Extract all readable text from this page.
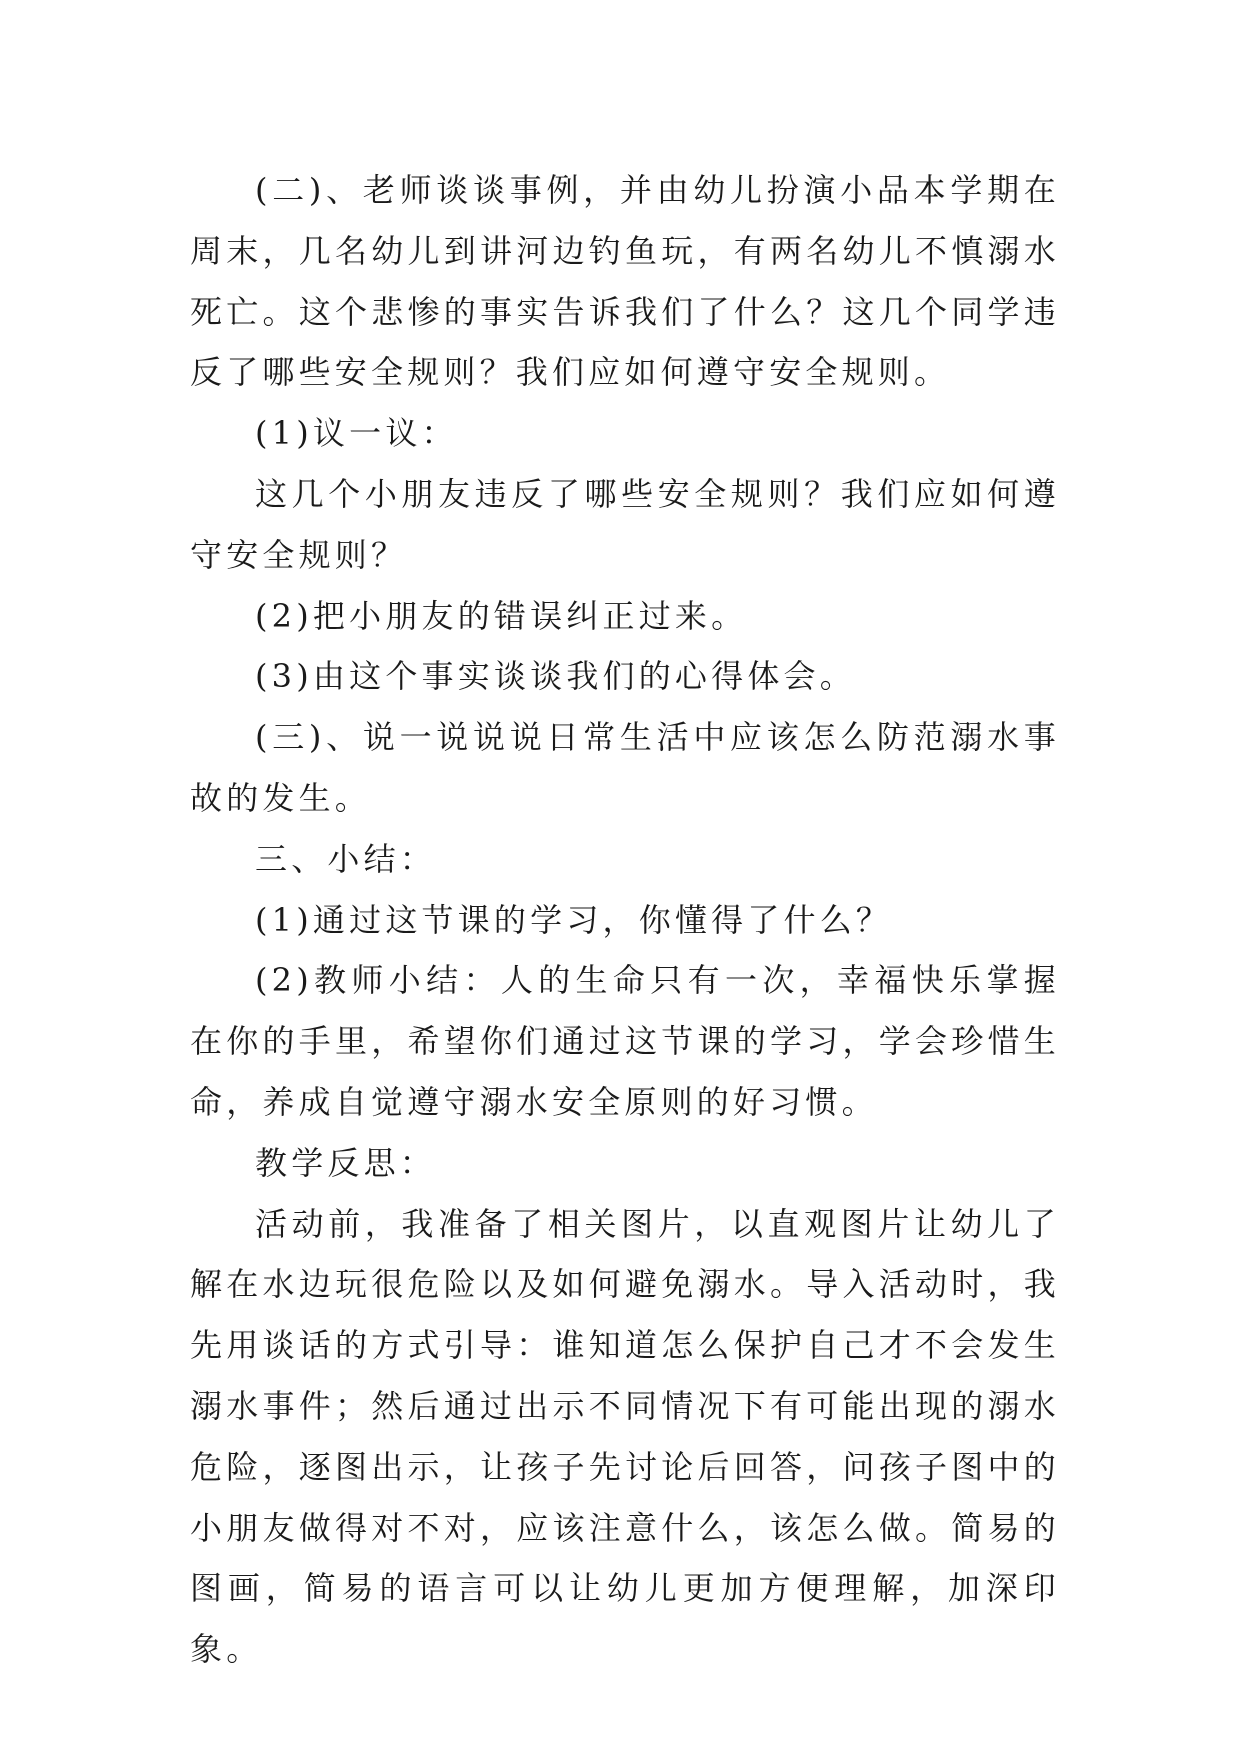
(二)、老师谈谈事例，并由幼儿扮演小品本学期在周末，几名幼儿到讲河边钓鱼玩，有两名幼儿不慎溺水死亡。这个悲惨的事实告诉我们了什么？这几个同学违反了哪些安全规则？我们应如何遵守安全规则。

(1)议一议：

这几个小朋友违反了哪些安全规则？我们应如何遵守安全规则？

(2)把小朋友的错误纠正过来。

(3)由这个事实谈谈我们的心得体会。

(三)、说一说说说日常生活中应该怎么防范溺水事故的发生。

三、小结：

(1)通过这节课的学习，你懂得了什么？

(2)教师小结：人的生命只有一次，幸福快乐掌握在你的手里，希望你们通过这节课的学习，学会珍惜生命，养成自觉遵守溺水安全原则的好习惯。

教学反思：

活动前，我准备了相关图片，以直观图片让幼儿了解在水边玩很危险以及如何避免溺水。导入活动时，我先用谈话的方式引导：谁知道怎么保护自己才不会发生溺水事件；然后通过出示不同情况下有可能出现的溺水危险，逐图出示，让孩子先讨论后回答，问孩子图中的小朋友做得对不对，应该注意什么，该怎么做。简易的图画，简易的语言可以让幼儿更加方便理解，加深印象。
